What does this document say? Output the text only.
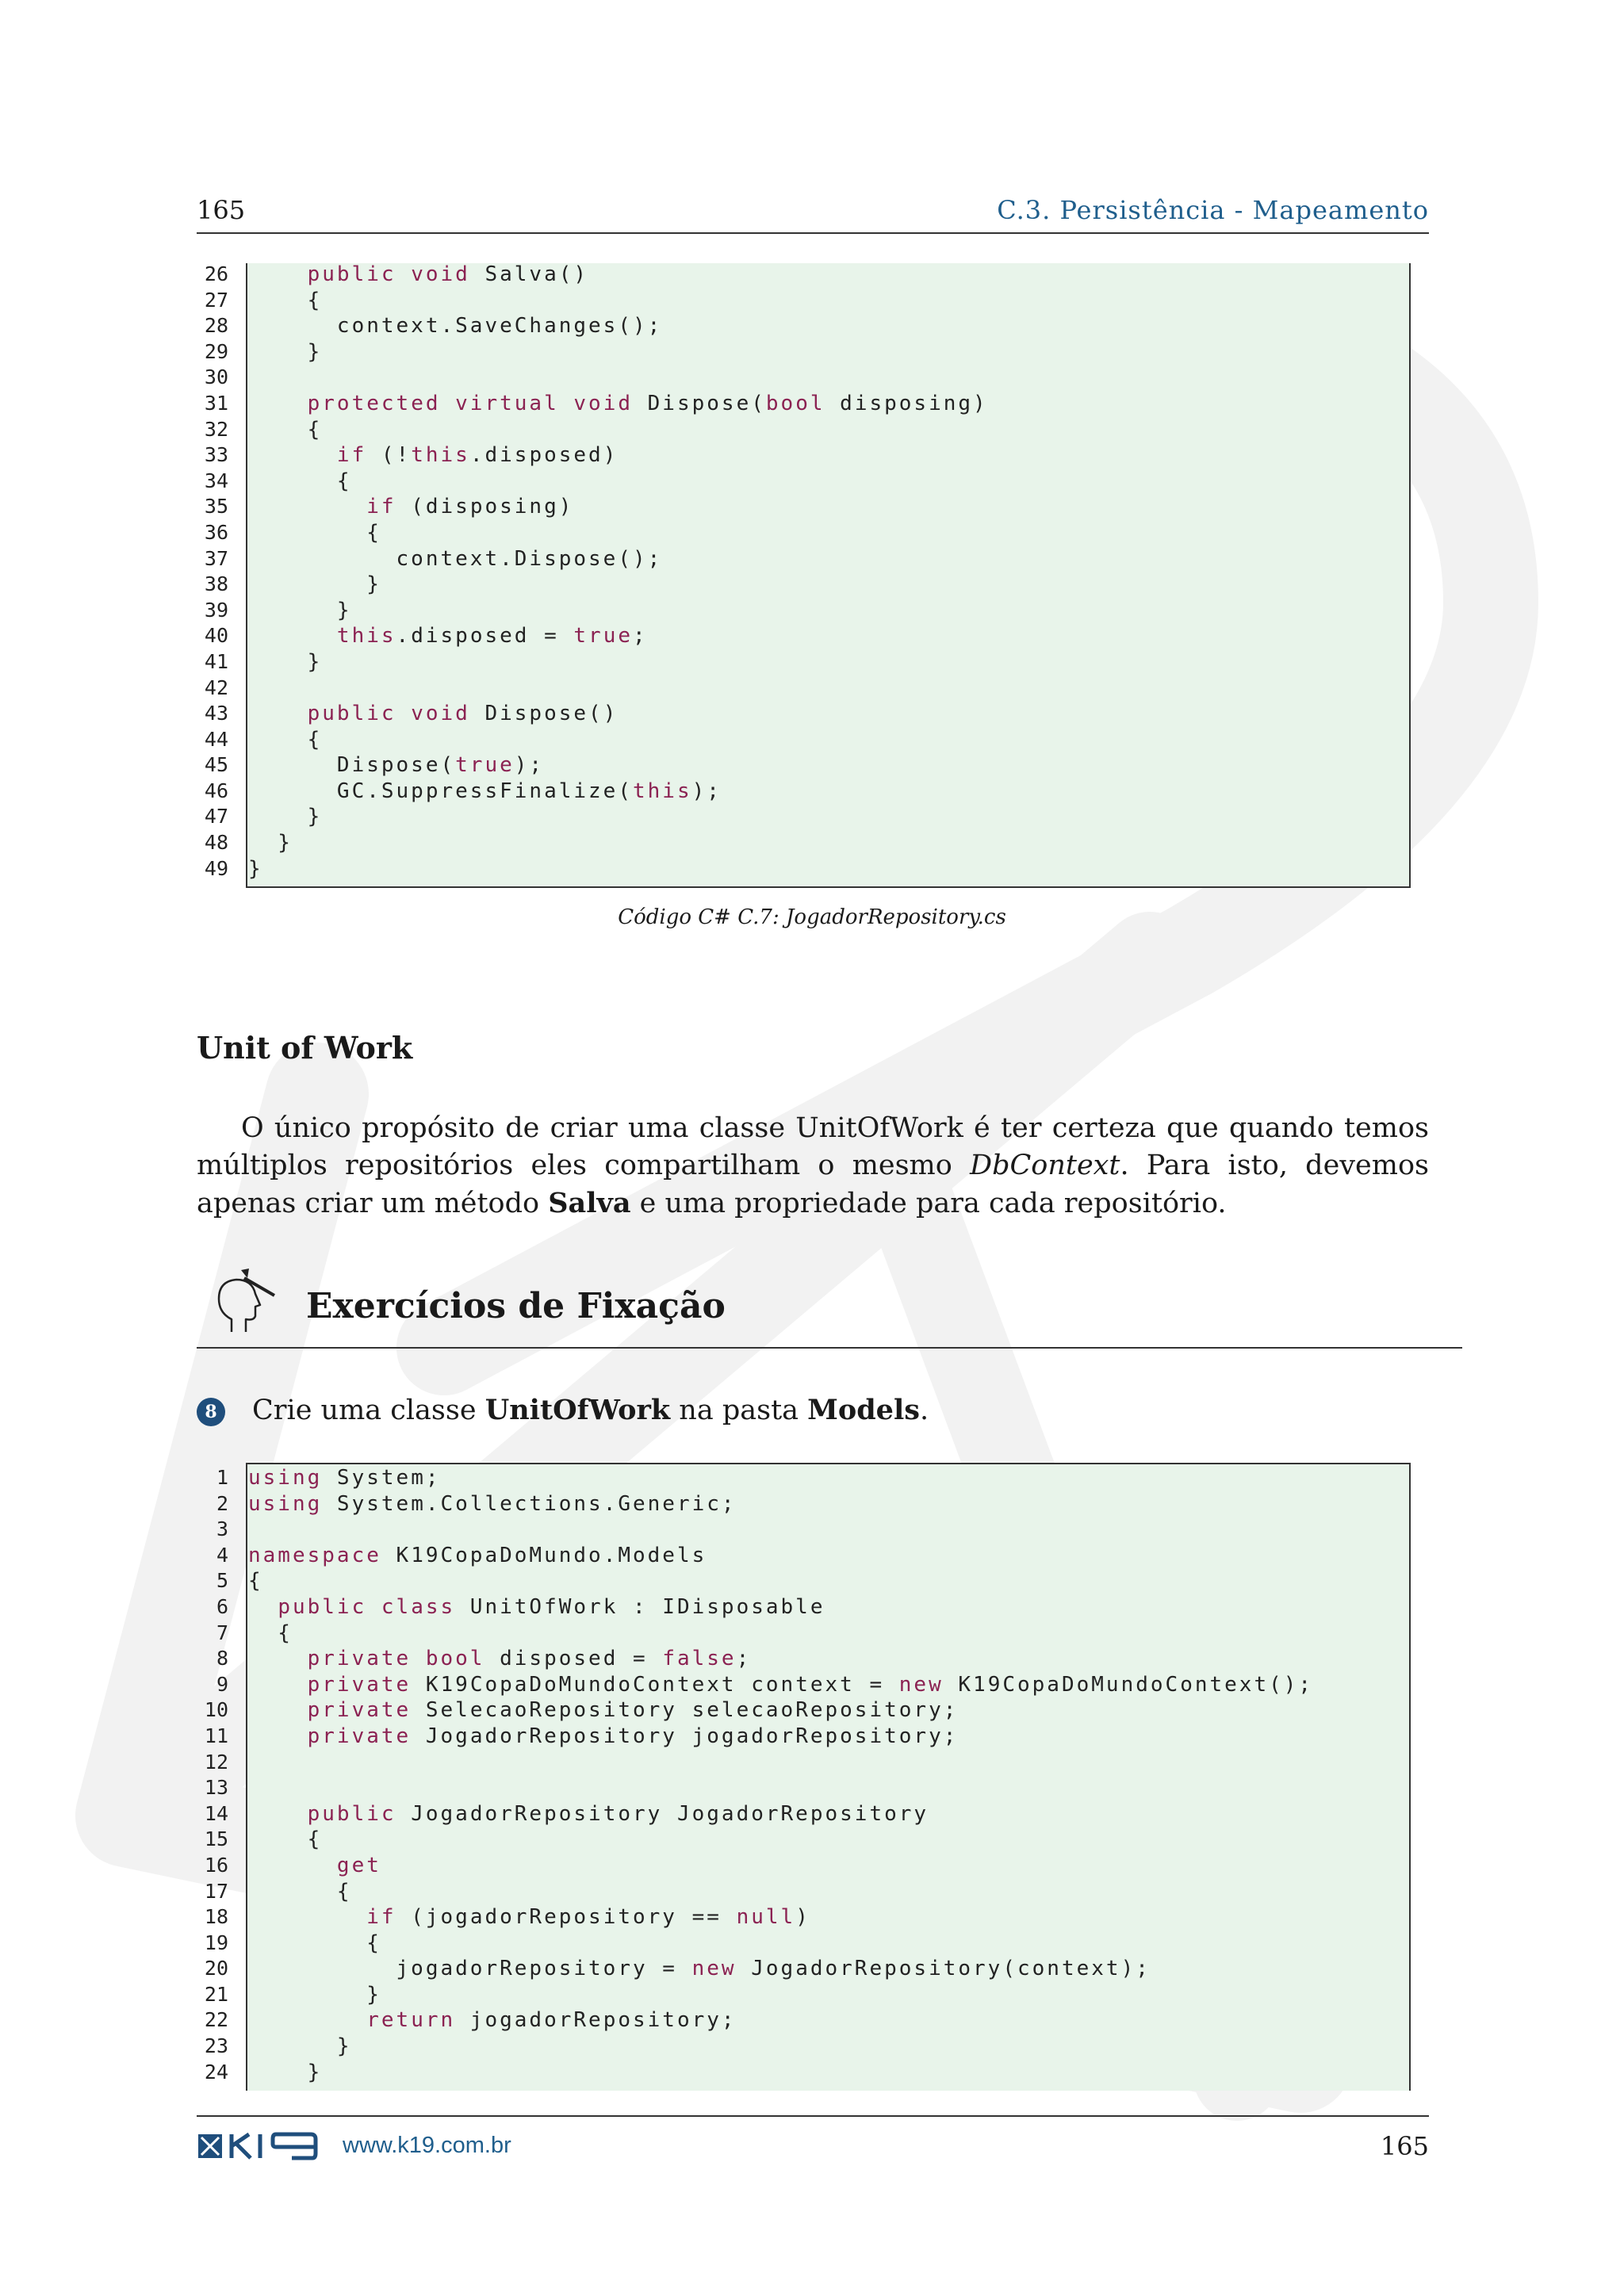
165	C.3. Persistência - Mapeamento
26	public void Salva()
27 {
28 context.SaveChanges();
29 }
30
31	protected virtual void Dispose(bool disposing)
32 {
33	if (!this.disposed)
34 {
35	if (disposing)
36 {
37 context.Dispose();
38 }
39 }
40	this.disposed = true;
41 }
42
43	public void Dispose()
44 {
45 Dispose(true);
46 GC.SuppressFinalize(this);
47 }
48 }
49 }
Código C# C.7: JogadorRepository.cs
Unit of Work

O único propósito de criar uma classe UnitOfWork é ter certeza que quando temos múltiplos repositórios eles compartilham o mesmo DbContext. Para isto, devemos apenas criar um método Salva e uma propriedade para cada repositório.

Exercícios de Fixação
8 Crie uma classe UnitOfWork na pasta Models.
1 using System;
2 using System.Collections.Generic;
3
4 namespace K19CopaDoMundo.Models
5 {
6	public class UnitOfWork : IDisposable
7 {
8	private bool disposed = false;
9	private K19CopaDoMundoContext context = new K19CopaDoMundoContext();
10	private SelecaoRepository selecaoRepository;
11	private JogadorRepository jogadorRepository;
12
13
14	public JogadorRepository JogadorRepository
15 {
16	get
17 {
18	if (jogadorRepository == null)
19 {
20 jogadorRepository = new JogadorRepository(context);
21 }
22	return jogadorRepository;
23 }
24 }
www.k19.com.br	165
